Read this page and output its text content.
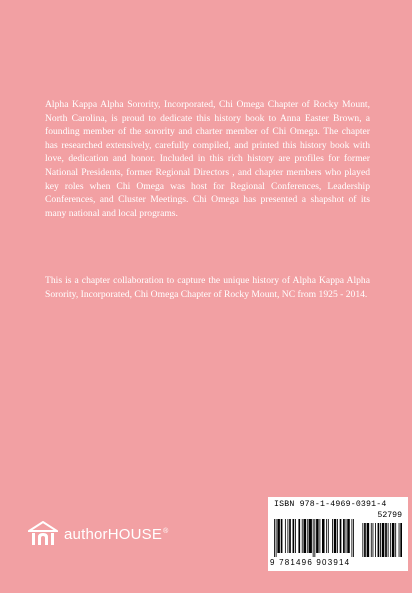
Alpha Kappa Alpha Sorority, Incorporated, Chi Omega Chapter of Rocky Mount, North Carolina, is proud to dedicate this history book to Anna Easter Brown, a founding member of the sorority and charter member of Chi Omega. The chapter has researched extensively, carefully compiled, and printed this history book with love, dedication and honor. Included in this rich history are profiles for former National Presidents, former Regional Directors , and chapter members who played key roles when Chi Omega was host for Regional Conferences, Leadership Conferences, and Cluster Meetings. Chi Omega has presented a shapshot of its many national and local programs.

This is a chapter collaboration to capture the unique history of Alpha Kappa Alpha Sorority, Incorporated, Chi Omega Chapter of Rocky Mount, NC from 1925 - 2014.

authorHOUSE®
ISBN 978-1-4969-0391-4
52799
9 781496 903914
